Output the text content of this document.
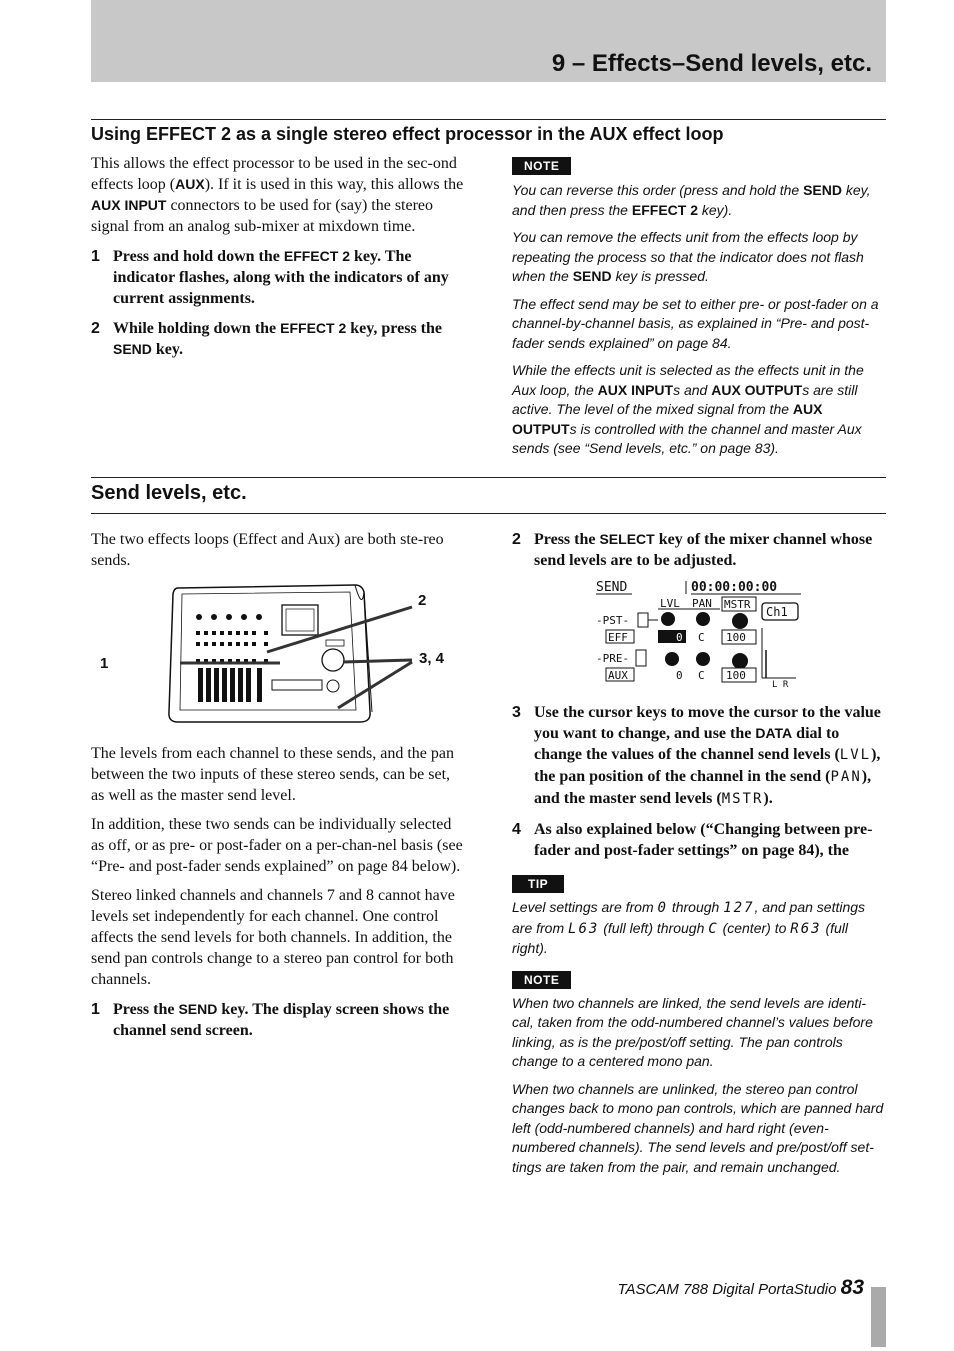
9 – Effects–Send levels, etc.
Using EFFECT 2 as a single stereo effect processor in the AUX effect loop

This allows the effect processor to be used in the sec-ond effects loop (AUX). If it is used in this way, this allows the AUX INPUT connectors to be used for (say) the stereo signal from an analog sub-mixer at mixdown time.

1 Press and hold down the EFFECT 2 key. The indicator flashes, along with the indicators of any current assignments.

2 While holding down the EFFECT 2 key, press the SEND key.

NOTE

You can reverse this order (press and hold the SEND key, and then press the EFFECT 2 key).

You can remove the effects unit from the effects loop by repeating the process so that the indicator does not flash when the SEND key is pressed.

The effect send may be set to either pre- or post-fader on a channel-by-channel basis, as explained in “Pre- and post-fader sends explained” on page 84.

While the effects unit is selected as the effects unit in the Aux loop, the AUX INPUTs and AUX OUTPUTs are still active. The level of the mixed signal from the AUX OUTPUTs is controlled with the channel and master Aux sends (see “Send levels, etc.” on page 83).

Send levels, etc.

The two effects loops (Effect and Aux) are both ste-reo sends.

1
2
3, 4

The levels from each channel to these sends, and the pan between the two inputs of these stereo sends, can be set, as well as the master send level.

In addition, these two sends can be individually selected as off, or as pre- or post-fader on a per-chan-nel basis (see “Pre- and post-fader sends explained” on page 84 below).

Stereo linked channels and channels 7 and 8 cannot have levels set independently for each channel. One control affects the send levels for both channels. In addition, the send pan controls change to a stereo pan control for both channels.

1 Press the SEND key. The display screen shows the channel send screen.

2 Press the SELECT key of the mixer channel whose send levels are to be adjusted.

SEND	00:00:00:00
LVL PAN MSTR
Ch1
-PST-
EFF	0 C 100
-PRE-
AUX	0 C 100
L R

3 Use the cursor keys to move the cursor to the value you want to change, and use the DATA dial to change the values of the channel send levels (LVL), the pan position of the channel in the send (PAN), and the master send levels (MSTR).

4 As also explained below (“Changing between pre-fader and post-fader settings” on page 84), the

TIP

Level settings are from 0 through 127, and pan settings are from L63 (full left) through C (center) to R63 (full right).

NOTE

When two channels are linked, the send levels are identi-cal, taken from the odd-numbered channel’s values before linking, as is the pre/post/off setting. The pan controls change to a centered mono pan.

When two channels are unlinked, the stereo pan control changes back to mono pan controls, which are panned hard left (odd-numbered channels) and hard right (even-numbered channels). The send levels and pre/post/off set-tings are taken from the pair, and remain unchanged.

TASCAM 788 Digital PortaStudio 83
